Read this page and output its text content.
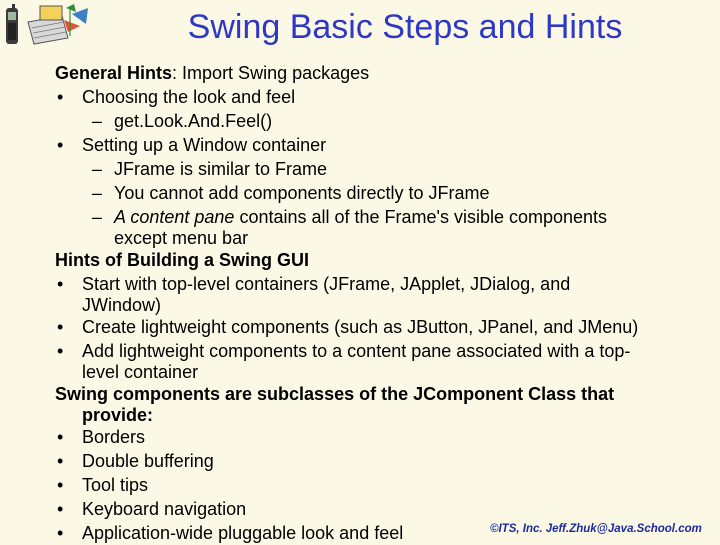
Swing Basic Steps and Hints
General Hints: Import Swing packages
• Choosing the look and feel
– get.Look.And.Feel()
• Setting up a Window container
– JFrame is similar to Frame
– You cannot add components directly to JFrame
– A content pane contains all of the Frame's visible components
except menu bar
Hints of Building a Swing GUI
• Start with top-level containers (JFrame, JApplet, JDialog, and
JWindow)
• Create lightweight components (such as JButton, JPanel, and JMenu)
• Add lightweight components to a content pane associated with a top-
level container
Swing components are subclasses of the JComponent Class that
provide:
• Borders
• Double buffering
• Tool tips
• Keyboard navigation
• Application-wide pluggable look and feel	©ITS, Inc. Jeff.Zhuk@Java.School.com
